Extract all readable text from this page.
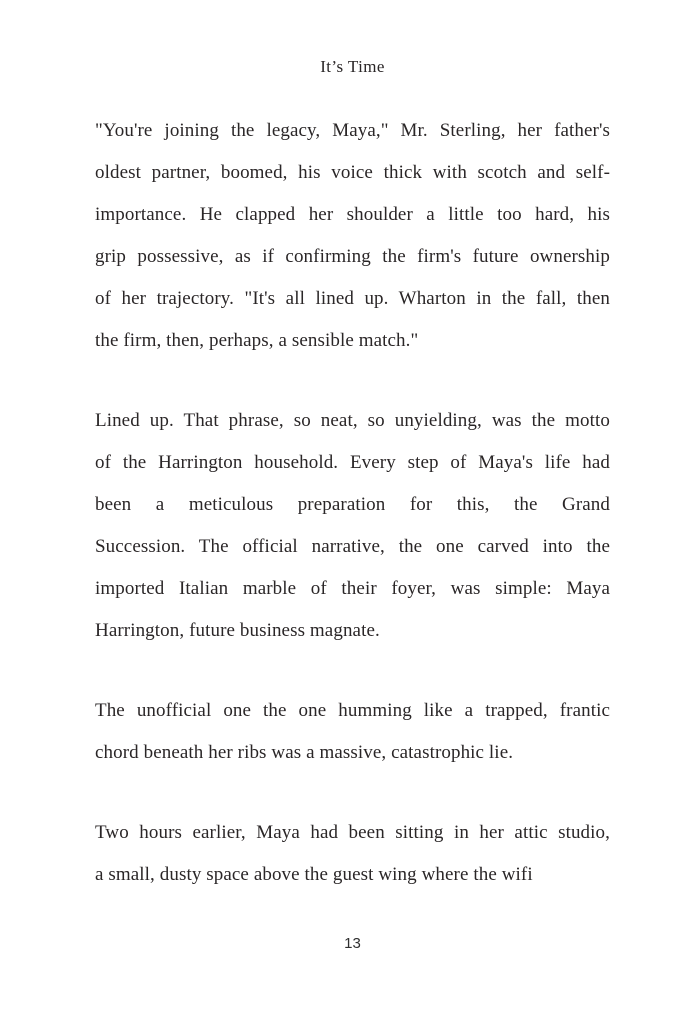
It’s Time
"You're joining the legacy, Maya," Mr. Sterling, her father's
oldest partner, boomed, his voice thick with scotch and self-
importance. He clapped her shoulder a little too hard, his
grip possessive, as if confirming the firm's future ownership
of her trajectory. "It's all lined up. Wharton in the fall, then
the firm, then, perhaps, a sensible match."
Lined up. That phrase, so neat, so unyielding, was the motto
of the Harrington household. Every step of Maya's life had
been a meticulous preparation for this, the Grand
Succession. The official narrative, the one carved into the
imported Italian marble of their foyer, was simple: Maya
Harrington, future business magnate.
The unofficial one the one humming like a trapped, frantic
chord beneath her ribs was a massive, catastrophic lie.
Two hours earlier, Maya had been sitting in her attic studio,
a small, dusty space above the guest wing where the wifi
13
